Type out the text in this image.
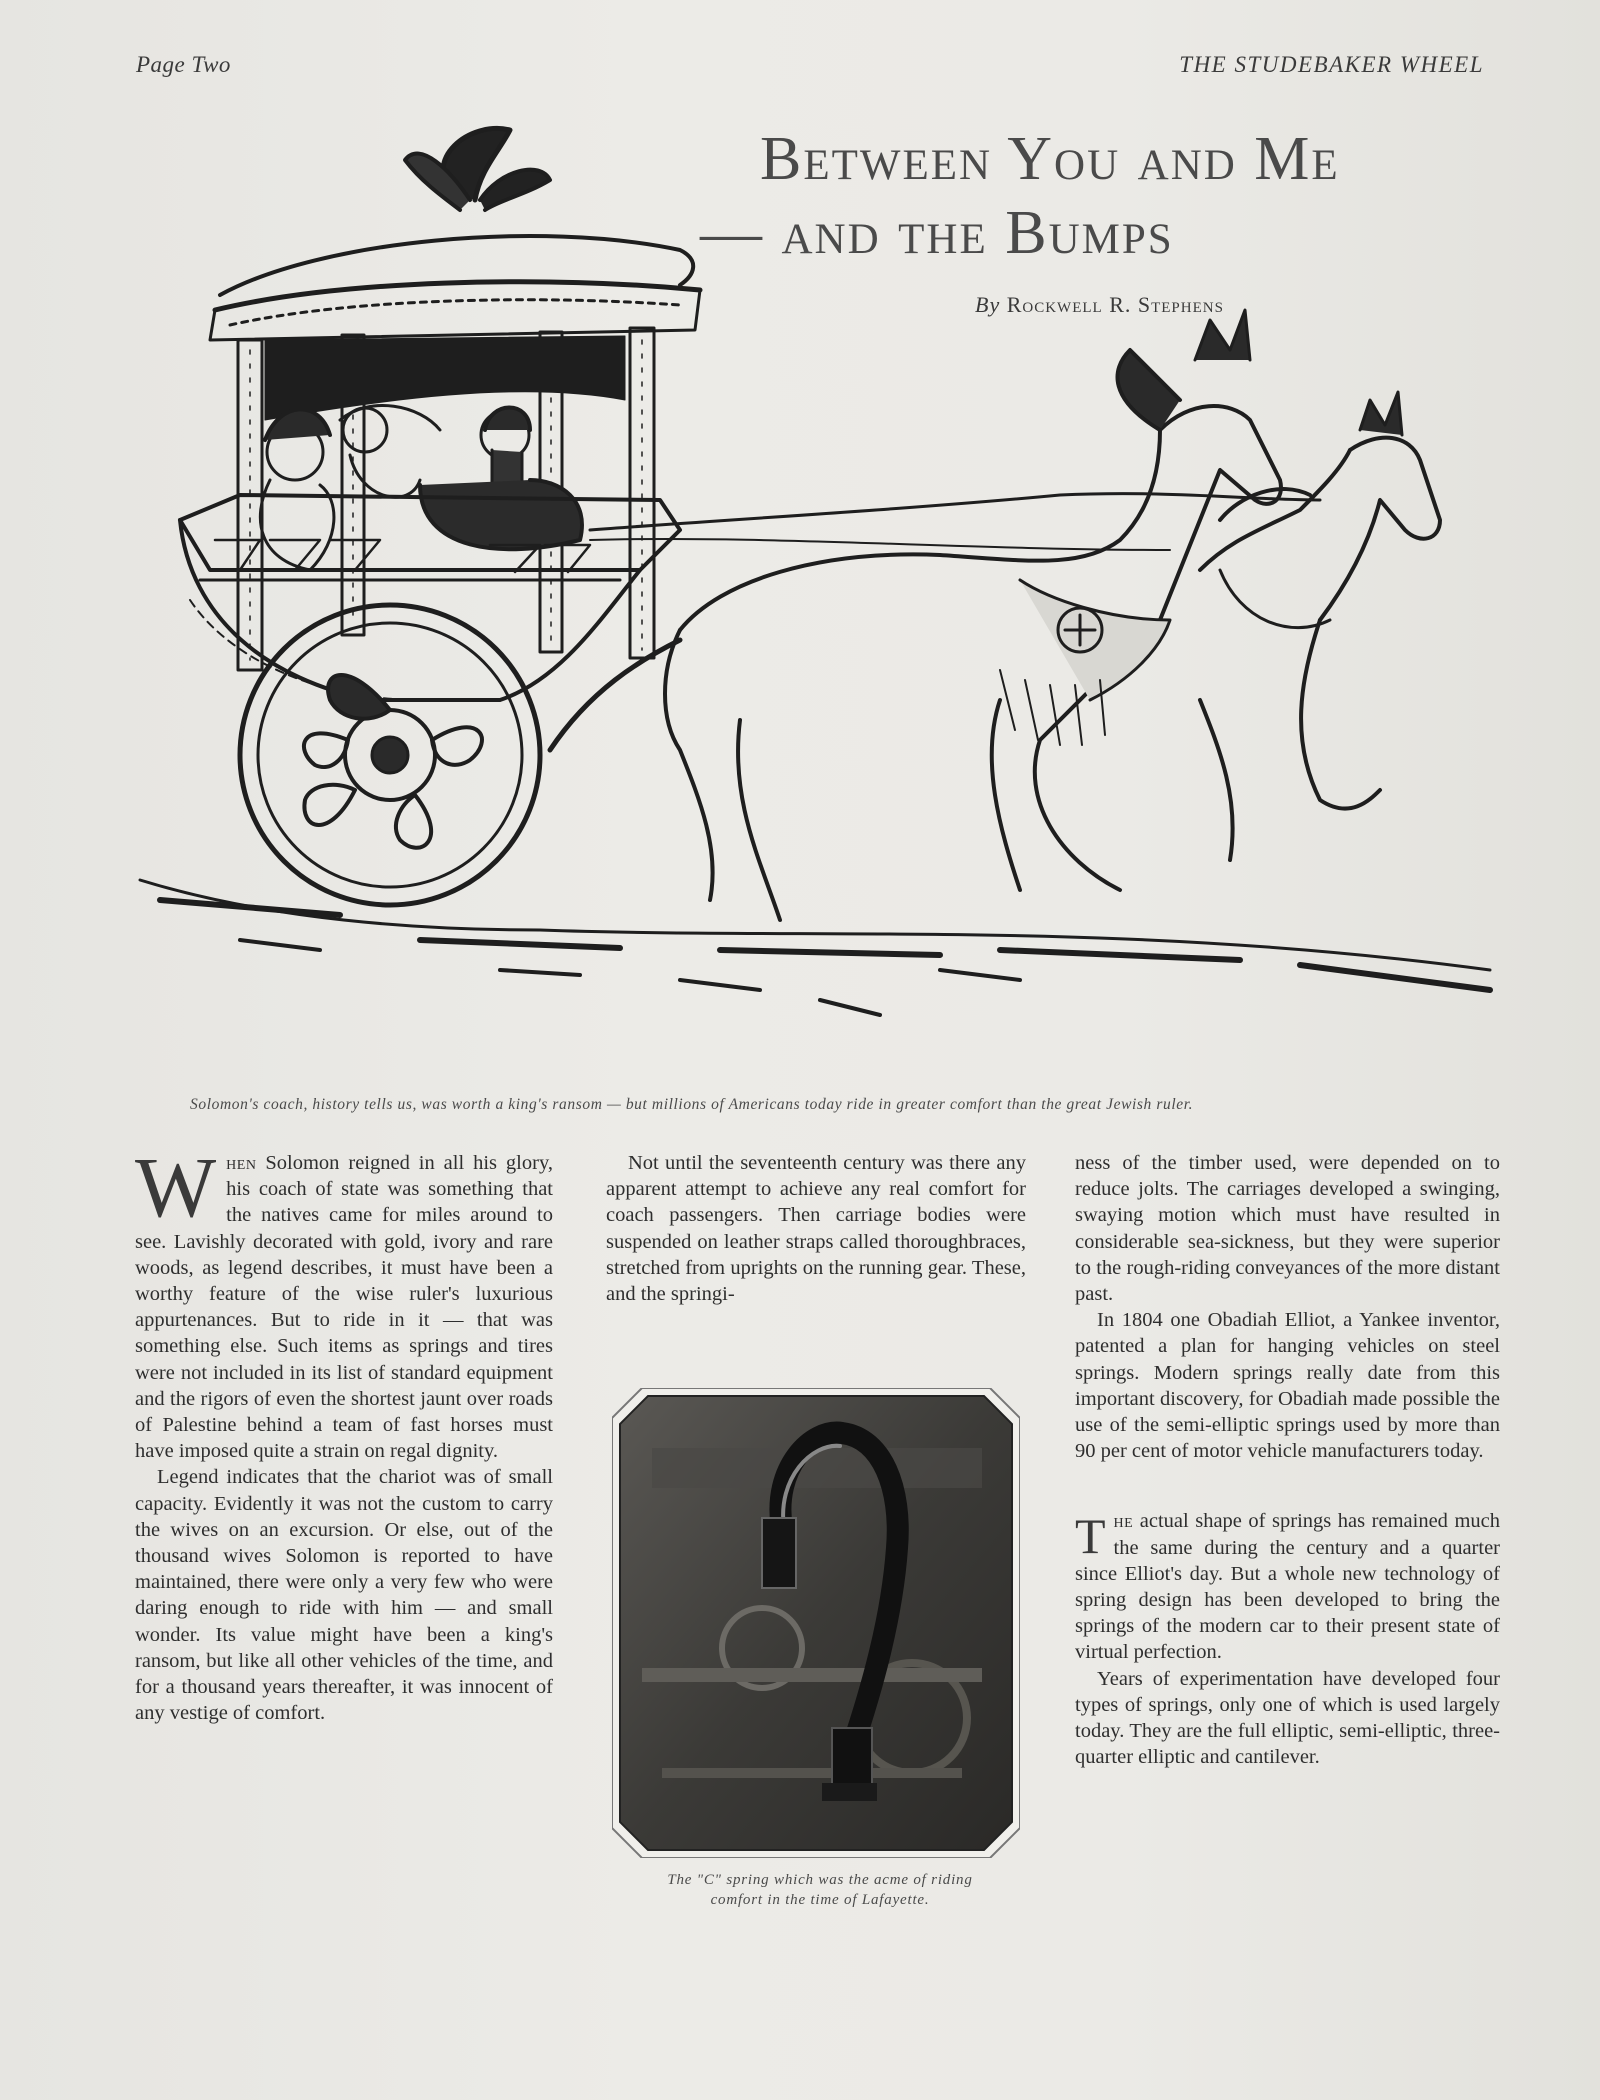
Page Two	THE STUDEBAKER WHEEL
Between You and Me
— and the Bumps
By Rockwell R. Stephens
Solomon's coach, history tells us, was worth a king's ransom — but millions of Americans today ride in greater comfort than the great Jewish ruler.

When Solomon reigned in all his glory, his coach of state was something that the natives came for miles around to see. Lavishly decorated with gold, ivory and rare woods, as legend describes, it must have been a worthy feature of the wise ruler's luxurious appurtenances. But to ride in it — that was something else. Such items as springs and tires were not included in its list of standard equipment and the rigors of even the shortest jaunt over roads of Palestine behind a team of fast horses must have imposed quite a strain on regal dignity.

Legend indicates that the chariot was of small capacity. Evidently it was not the custom to carry the wives on an excursion. Or else, out of the thousand wives Solomon is reported to have maintained, there were only a very few who were daring enough to ride with him — and small wonder. Its value might have been a king's ransom, but like all other vehicles of the time, and for a thousand years thereafter, it was innocent of any vestige of comfort.

Not until the seventeenth century was there any apparent attempt to achieve any real comfort for coach passengers. Then carriage bodies were suspended on leather straps called thoroughbraces, stretched from uprights on the running gear. These, and the springi-

The "C" spring which was the acme of riding
comfort in the time of Lafayette.

ness of the timber used, were depended on to reduce jolts. The carriages developed a swinging, swaying motion which must have resulted in considerable sea-sickness, but they were superior to the rough-riding conveyances of the more distant past.

In 1804 one Obadiah Elliot, a Yankee inventor, patented a plan for hanging vehicles on steel springs. Modern springs really date from this important discovery, for Obadiah made possible the use of the semi-elliptic springs used by more than 90 per cent of motor vehicle manufacturers today.

The actual shape of springs has remained much the same during the century and a quarter since Elliot's day. But a whole new technology of spring design has been developed to bring the springs of the modern car to their present state of virtual perfection.

Years of experimentation have developed four types of springs, only one of which is used largely today. They are the full elliptic, semi-elliptic, three-quarter elliptic and cantilever.
